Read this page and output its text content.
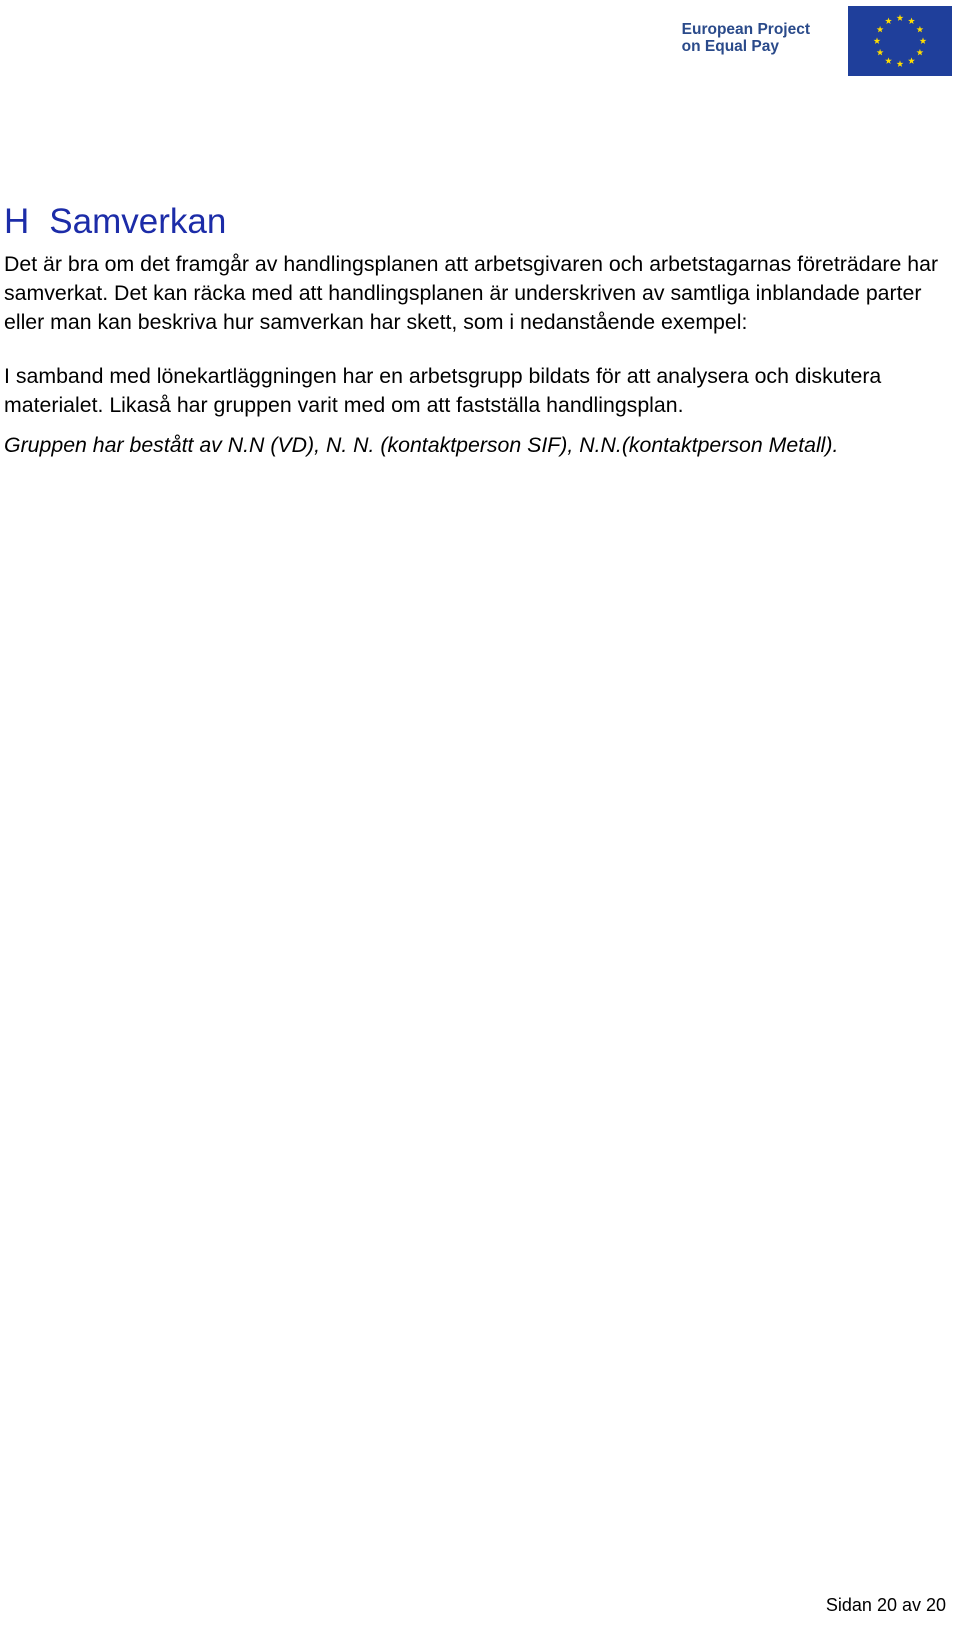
European Project
on Equal Pay
H Samverkan

Det är bra om det framgår av handlingsplanen att arbetsgivaren och arbetstagarnas företrädare har samverkat. Det kan räcka med att handlingsplanen är underskriven av samtliga inblandade parter eller man kan beskriva hur samverkan har skett, som i nedanstående exempel:

I samband med lönekartläggningen har en arbetsgrupp bildats för att analysera och diskutera materialet. Likaså har gruppen varit med om att fastställa handlingsplan.

Gruppen har bestått av N.N (VD), N. N. (kontaktperson SIF), N.N.(kontaktperson Metall).

Sidan 20 av 20
